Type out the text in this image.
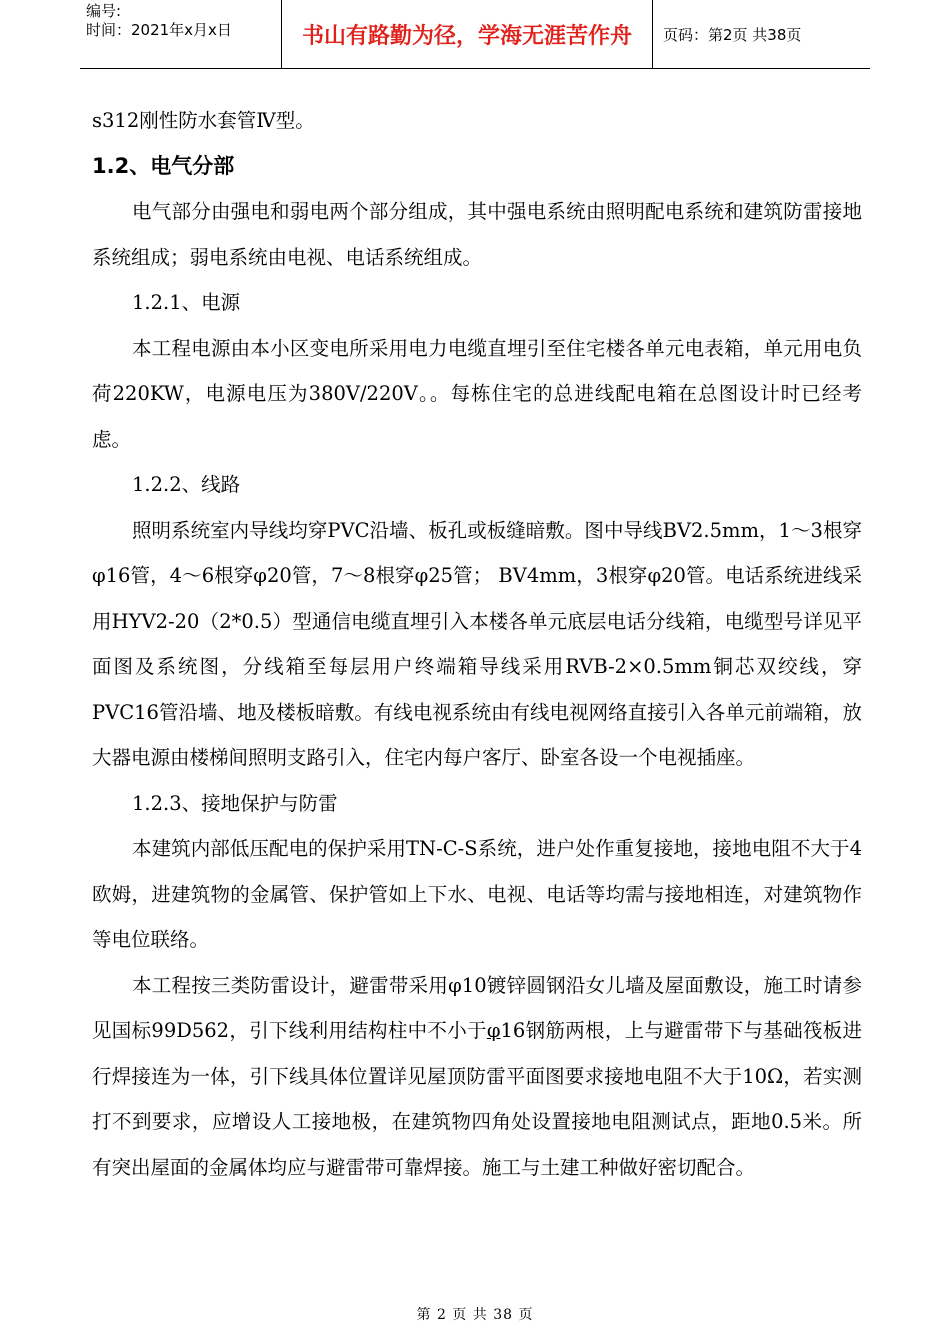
编号:
时间：2021年x月x日	书山有路勤为径，学海无涯苦作舟	页码：第2页 共38页

s312刚性防水套管Ⅳ型。

1.2、电气分部

电气部分由强电和弱电两个部分组成，其中强电系统由照明配电系统和建筑防雷接地系统组成；弱电系统由电视、电话系统组成。

1.2.1、电源

本工程电源由本小区变电所采用电力电缆直埋引至住宅楼各单元电表箱，单元用电负荷220KW，电源电压为380V/220V。。每栋住宅的总进线配电箱在总图设计时已经考虑。

1.2.2、线路

照明系统室内导线均穿PVC沿墙、板孔或板缝暗敷。图中导线BV2.5mm，1～3根穿φ16管，4～6根穿φ20管，7～8根穿φ25管； BV4mm，3根穿φ20管。电话系统进线采用HYV2-20（2*0.5）型通信电缆直埋引入本楼各单元底层电话分线箱，电缆型号详见平面图及系统图，分线箱至每层用户终端箱导线采用RVB-2×0.5mm铜芯双绞线，穿PVC16管沿墙、地及楼板暗敷。有线电视系统由有线电视网络直接引入各单元前端箱，放大器电源由楼梯间照明支路引入，住宅内每户客厅、卧室各设一个电视插座。

1.2.3、接地保护与防雷

本建筑内部低压配电的保护采用TN-C-S系统，进户处作重复接地，接地电阻不大于4欧姆，进建筑物的金属管、保护管如上下水、电视、电话等均需与接地相连，对建筑物作等电位联络。

本工程按三类防雷设计，避雷带采用φ10镀锌圆钢沿女儿墙及屋面敷设，施工时请参见国标99D562，引下线利用结构柱中不小于φ16钢筋两根，上与避雷带下与基础筏板进行焊接连为一体，引下线具体位置详见屋顶防雷平面图要求接地电阻不大于10Ω，若实测打不到要求，应增设人工接地极，在建筑物四角处设置接地电阻测试点，距地0.5米。所有突出屋面的金属体均应与避雷带可靠焊接。施工与土建工种做好密切配合。

第 2 页 共 38 页
